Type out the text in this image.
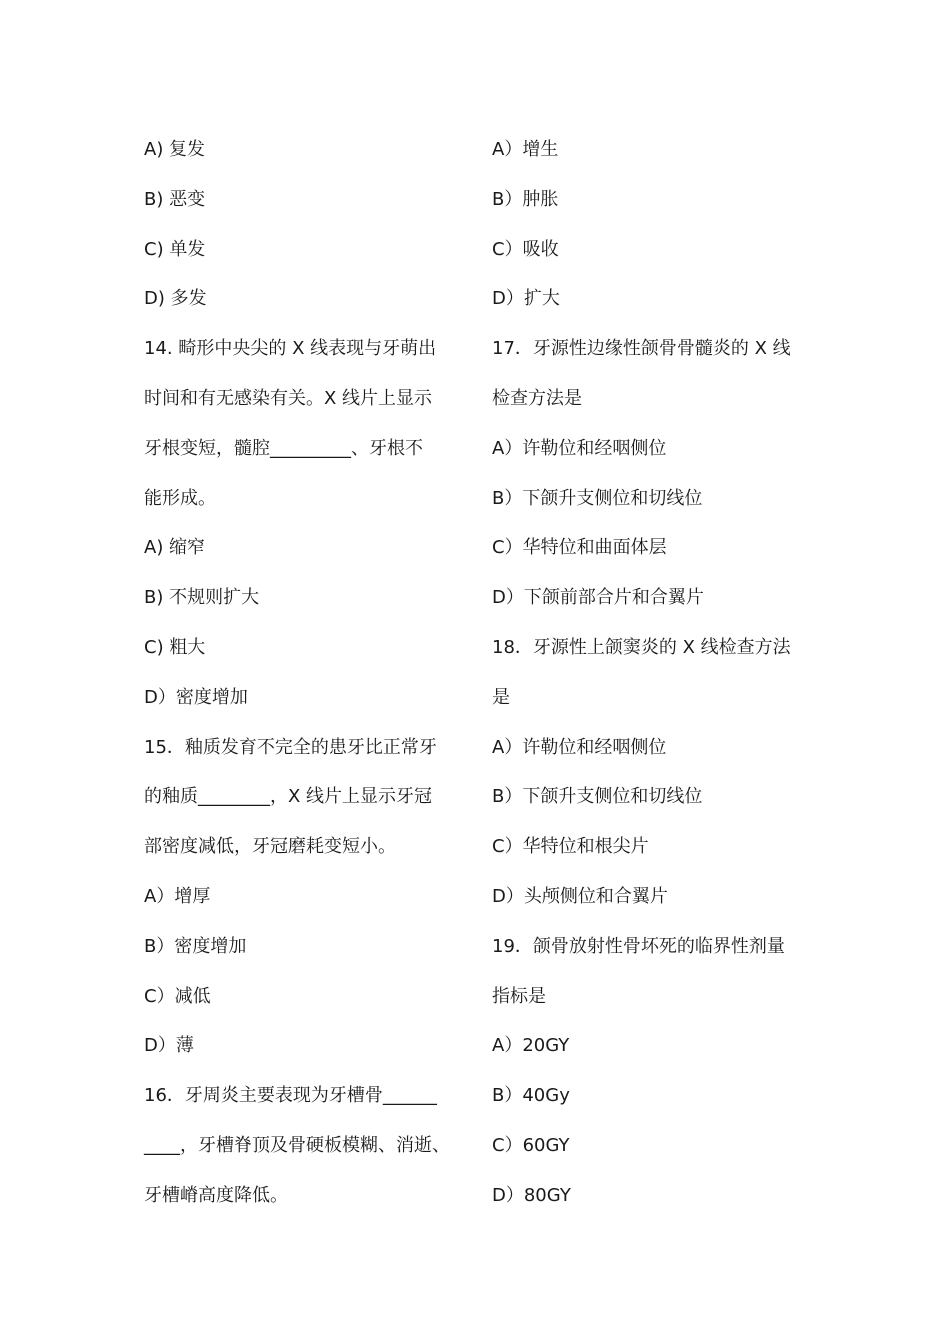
A) 复发
B) 恶变
C) 单发
D) 多发
14. 畸形中央尖的 X 线表现与牙萌出
时间和有无感染有关。X 线片上显示
牙根变短，髓腔_________、牙根不
能形成。
A) 缩窄
B) 不规则扩大
C) 粗大
D）密度增加
15．釉质发育不完全的患牙比正常牙
的釉质________，X 线片上显示牙冠
部密度减低，牙冠磨耗变短小。
A）增厚
B）密度增加
C）减低
D）薄
16．牙周炎主要表现为牙槽骨______
____，牙槽脊顶及骨硬板模糊、消逝、
牙槽嵴高度降低。
A）增生
B）肿胀
C）吸收
D）扩大
17．牙源性边缘性颌骨骨髓炎的 X 线
检查方法是
A）许勒位和经咽侧位
B）下颌升支侧位和切线位
C）华特位和曲面体层
D）下颌前部合片和合翼片
18．牙源性上颌窦炎的 X 线检查方法
是
A）许勒位和经咽侧位
B）下颌升支侧位和切线位
C）华特位和根尖片
D）头颅侧位和合翼片
19．颌骨放射性骨坏死的临界性剂量
指标是
A）20GY
B）40Gy
C）60GY
D）80GY
